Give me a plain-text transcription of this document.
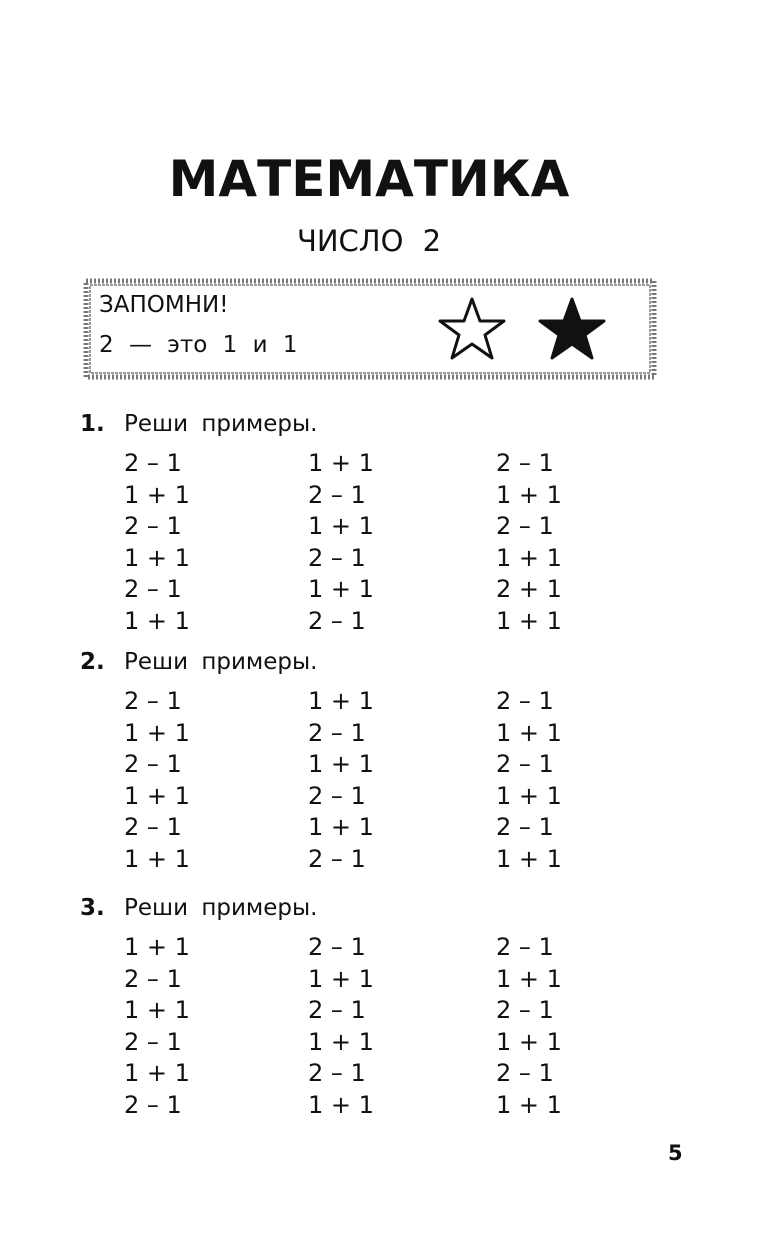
МАТЕМАТИКА
ЧИСЛО 2
ЗАПОМНИ!
2 — это 1 и 1
1. Реши примеры.
2 – 1	1 + 1	2 – 1
1 + 1	2 – 1	1 + 1
2 – 1	1 + 1	2 – 1
1 + 1	2 – 1	1 + 1
2 – 1	1 + 1	2 + 1
1 + 1	2 – 1	1 + 1
2. Реши примеры.
2 – 1	1 + 1	2 – 1
1 + 1	2 – 1	1 + 1
2 – 1	1 + 1	2 – 1
1 + 1	2 – 1	1 + 1
2 – 1	1 + 1	2 – 1
1 + 1	2 – 1	1 + 1
3. Реши примеры.
1 + 1	2 – 1	2 – 1
2 – 1	1 + 1	1 + 1
1 + 1	2 – 1	2 – 1
2 – 1	1 + 1	1 + 1
1 + 1	2 – 1	2 – 1
2 – 1	1 + 1	1 + 1
5
